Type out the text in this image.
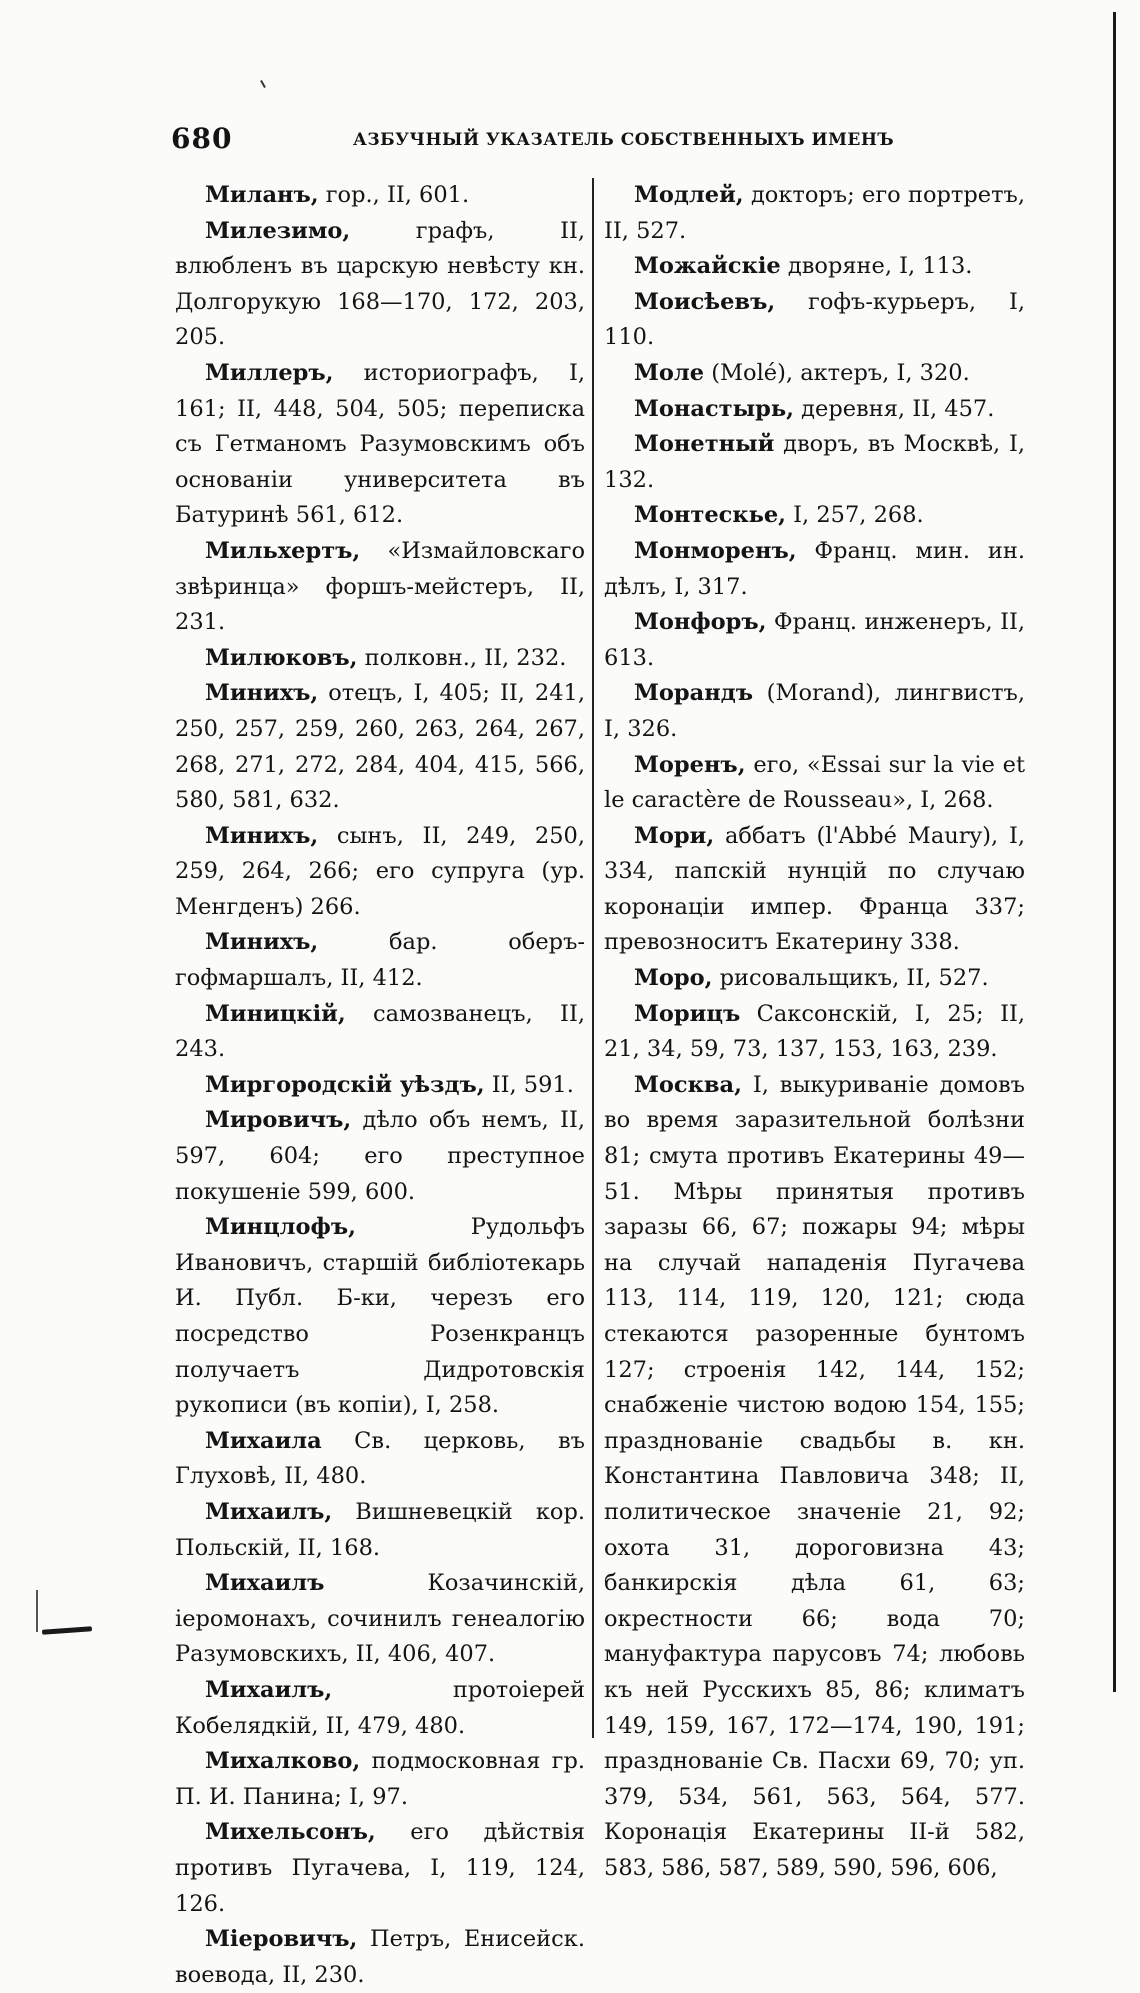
680	АЗБУЧНЫЙ УКАЗАТЕЛЬ СОБСТВЕННЫХЪ ИМЕНЪ

Миланъ, гор., II, 601.

Милезимо, графъ, II, влюбленъ въ царскую невѣсту кн. Долгорукую 168—170, 172, 203, 205.

Миллеръ, историографъ, I, 161; II, 448, 504, 505; переписка съ Гетманомъ Разумовскимъ объ основаніи университета въ Батуринѣ 561, 612.

Мильхертъ, «Измайловскаго звѣринца» форшъ-мейстеръ, II, 231.

Милюковъ, полковн., II, 232.

Минихъ, отецъ, I, 405; II, 241, 250, 257, 259, 260, 263, 264, 267, 268, 271, 272, 284, 404, 415, 566, 580, 581, 632.

Минихъ, сынъ, II, 249, 250, 259, 264, 266; его супруга (ур. Менгденъ) 266.

Минихъ, бар. оберъ-гофмаршалъ, II, 412.

Миницкій, самозванецъ, II, 243.

Миргородскій уѣздъ, II, 591.

Мировичъ, дѣло объ немъ, II, 597, 604; его преступное покушеніе 599, 600.

Минцлофъ, Рудольфъ Ивановичъ, старшій библіотекарь И. Публ. Б-ки, черезъ его посредство Розенкранцъ получаетъ Дидротовскія рукописи (въ копіи), I, 258.

Михаила Св. церковь, въ Глуховѣ, II, 480.

Михаилъ, Вишневецкій кор. Польскій, II, 168.

Михаилъ Козачинскій, іеромонахъ, сочинилъ генеалогію Разумовскихъ, II, 406, 407.

Михаилъ, протоіерей Кобелядкій, II, 479, 480.

Михалково, подмосковная гр. П. И. Панина; I, 97.

Михельсонъ, его дѣйствія противъ Пугачева, I, 119, 124, 126.

Міеровичъ, Петръ, Енисейск. воевода, II, 230.

Модлей, докторъ; его портретъ, II, 527.

Можайскіе дворяне, I, 113.

Моисѣевъ, гофъ-курьеръ, I, 110.

Моле (Molé), актеръ, I, 320.

Монастырь, деревня, II, 457.

Монетный дворъ, въ Москвѣ, I, 132.

Монтескье, I, 257, 268.

Монморенъ, Франц. мин. ин. дѣлъ, I, 317.

Монфоръ, Франц. инженеръ, II, 613.

Морандъ (Morand), лингвистъ, I, 326.

Моренъ, его, «Essai sur la vie et le caractère de Rousseau», I, 268.

Мори, аббатъ (l'Abbé Maury), I, 334, папскій нунцій по случаю коронаціи импер. Франца 337; превозноситъ Екатерину 338.

Моро, рисовальщикъ, II, 527.

Морицъ Саксонскій, I, 25; II, 21, 34, 59, 73, 137, 153, 163, 239.

Москва, I, выкуриваніе домовъ во время заразительной болѣзни 81; смута противъ Екатерины 49—51. Мѣры принятыя противъ заразы 66, 67; пожары 94; мѣры на случай нападенія Пугачева 113, 114, 119, 120, 121; сюда стекаются разоренные бунтомъ 127; строенія 142, 144, 152; снабженіе чистою водою 154, 155; празднованіе свадьбы в. кн. Константина Павловича 348; II, политическое значеніе 21, 92; охота 31, дороговизна 43; банкирскія дѣла 61, 63; окрестности 66; вода 70; мануфактура парусовъ 74; любовь къ ней Русскихъ 85, 86; климатъ 149, 159, 167, 172—174, 190, 191; празднованіе Св. Пасхи 69, 70; уп. 379, 534, 561, 563, 564, 577. Коронація Екатерины II-й 582, 583, 586, 587, 589, 590, 596, 606,
